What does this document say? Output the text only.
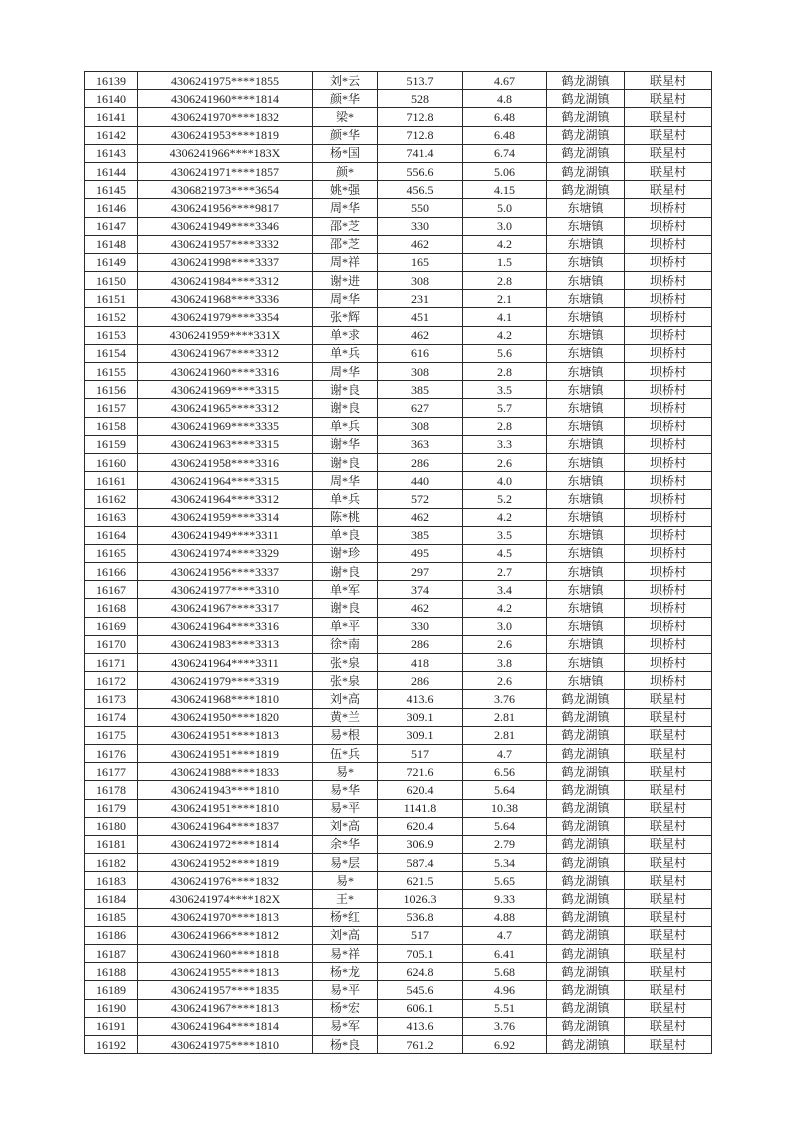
16139	4306241975****1855	刘*云	513.7	4.67	鹤龙湖镇	联星村
16140	4306241960****1814	颜*华	528	4.8	鹤龙湖镇	联星村
16141	4306241970****1832	梁*	712.8	6.48	鹤龙湖镇	联星村
16142	4306241953****1819	颜*华	712.8	6.48	鹤龙湖镇	联星村
16143	4306241966****183X	杨*国	741.4	6.74	鹤龙湖镇	联星村
16144	4306241971****1857	颜*	556.6	5.06	鹤龙湖镇	联星村
16145	4306821973****3654	姚*强	456.5	4.15	鹤龙湖镇	联星村
16146	4306241956****9817	周*华	550	5.0	东塘镇	坝桥村
16147	4306241949****3346	邵*芝	330	3.0	东塘镇	坝桥村
16148	4306241957****3332	邵*芝	462	4.2	东塘镇	坝桥村
16149	4306241998****3337	周*祥	165	1.5	东塘镇	坝桥村
16150	4306241984****3312	谢*进	308	2.8	东塘镇	坝桥村
16151	4306241968****3336	周*华	231	2.1	东塘镇	坝桥村
16152	4306241979****3354	张*辉	451	4.1	东塘镇	坝桥村
16153	4306241959****331X	单*求	462	4.2	东塘镇	坝桥村
16154	4306241967****3312	单*兵	616	5.6	东塘镇	坝桥村
16155	4306241960****3316	周*华	308	2.8	东塘镇	坝桥村
16156	4306241969****3315	谢*良	385	3.5	东塘镇	坝桥村
16157	4306241965****3312	谢*良	627	5.7	东塘镇	坝桥村
16158	4306241969****3335	单*兵	308	2.8	东塘镇	坝桥村
16159	4306241963****3315	谢*华	363	3.3	东塘镇	坝桥村
16160	4306241958****3316	谢*良	286	2.6	东塘镇	坝桥村
16161	4306241964****3315	周*华	440	4.0	东塘镇	坝桥村
16162	4306241964****3312	单*兵	572	5.2	东塘镇	坝桥村
16163	4306241959****3314	陈*桃	462	4.2	东塘镇	坝桥村
16164	4306241949****3311	单*良	385	3.5	东塘镇	坝桥村
16165	4306241974****3329	谢*珍	495	4.5	东塘镇	坝桥村
16166	4306241956****3337	谢*良	297	2.7	东塘镇	坝桥村
16167	4306241977****3310	单*军	374	3.4	东塘镇	坝桥村
16168	4306241967****3317	谢*良	462	4.2	东塘镇	坝桥村
16169	4306241964****3316	单*平	330	3.0	东塘镇	坝桥村
16170	4306241983****3313	徐*南	286	2.6	东塘镇	坝桥村
16171	4306241964****3311	张*泉	418	3.8	东塘镇	坝桥村
16172	4306241979****3319	张*泉	286	2.6	东塘镇	坝桥村
16173	4306241968****1810	刘*高	413.6	3.76	鹤龙湖镇	联星村
16174	4306241950****1820	黄*兰	309.1	2.81	鹤龙湖镇	联星村
16175	4306241951****1813	易*根	309.1	2.81	鹤龙湖镇	联星村
16176	4306241951****1819	伍*兵	517	4.7	鹤龙湖镇	联星村
16177	4306241988****1833	易*	721.6	6.56	鹤龙湖镇	联星村
16178	4306241943****1810	易*华	620.4	5.64	鹤龙湖镇	联星村
16179	4306241951****1810	易*平	1141.8	10.38	鹤龙湖镇	联星村
16180	4306241964****1837	刘*高	620.4	5.64	鹤龙湖镇	联星村
16181	4306241972****1814	余*华	306.9	2.79	鹤龙湖镇	联星村
16182	4306241952****1819	易*层	587.4	5.34	鹤龙湖镇	联星村
16183	4306241976****1832	易*	621.5	5.65	鹤龙湖镇	联星村
16184	4306241974****182X	王*	1026.3	9.33	鹤龙湖镇	联星村
16185	4306241970****1813	杨*红	536.8	4.88	鹤龙湖镇	联星村
16186	4306241966****1812	刘*高	517	4.7	鹤龙湖镇	联星村
16187	4306241960****1818	易*祥	705.1	6.41	鹤龙湖镇	联星村
16188	4306241955****1813	杨*龙	624.8	5.68	鹤龙湖镇	联星村
16189	4306241957****1835	易*平	545.6	4.96	鹤龙湖镇	联星村
16190	4306241967****1813	杨*宏	606.1	5.51	鹤龙湖镇	联星村
16191	4306241964****1814	易*军	413.6	3.76	鹤龙湖镇	联星村
16192	4306241975****1810	杨*良	761.2	6.92	鹤龙湖镇	联星村
